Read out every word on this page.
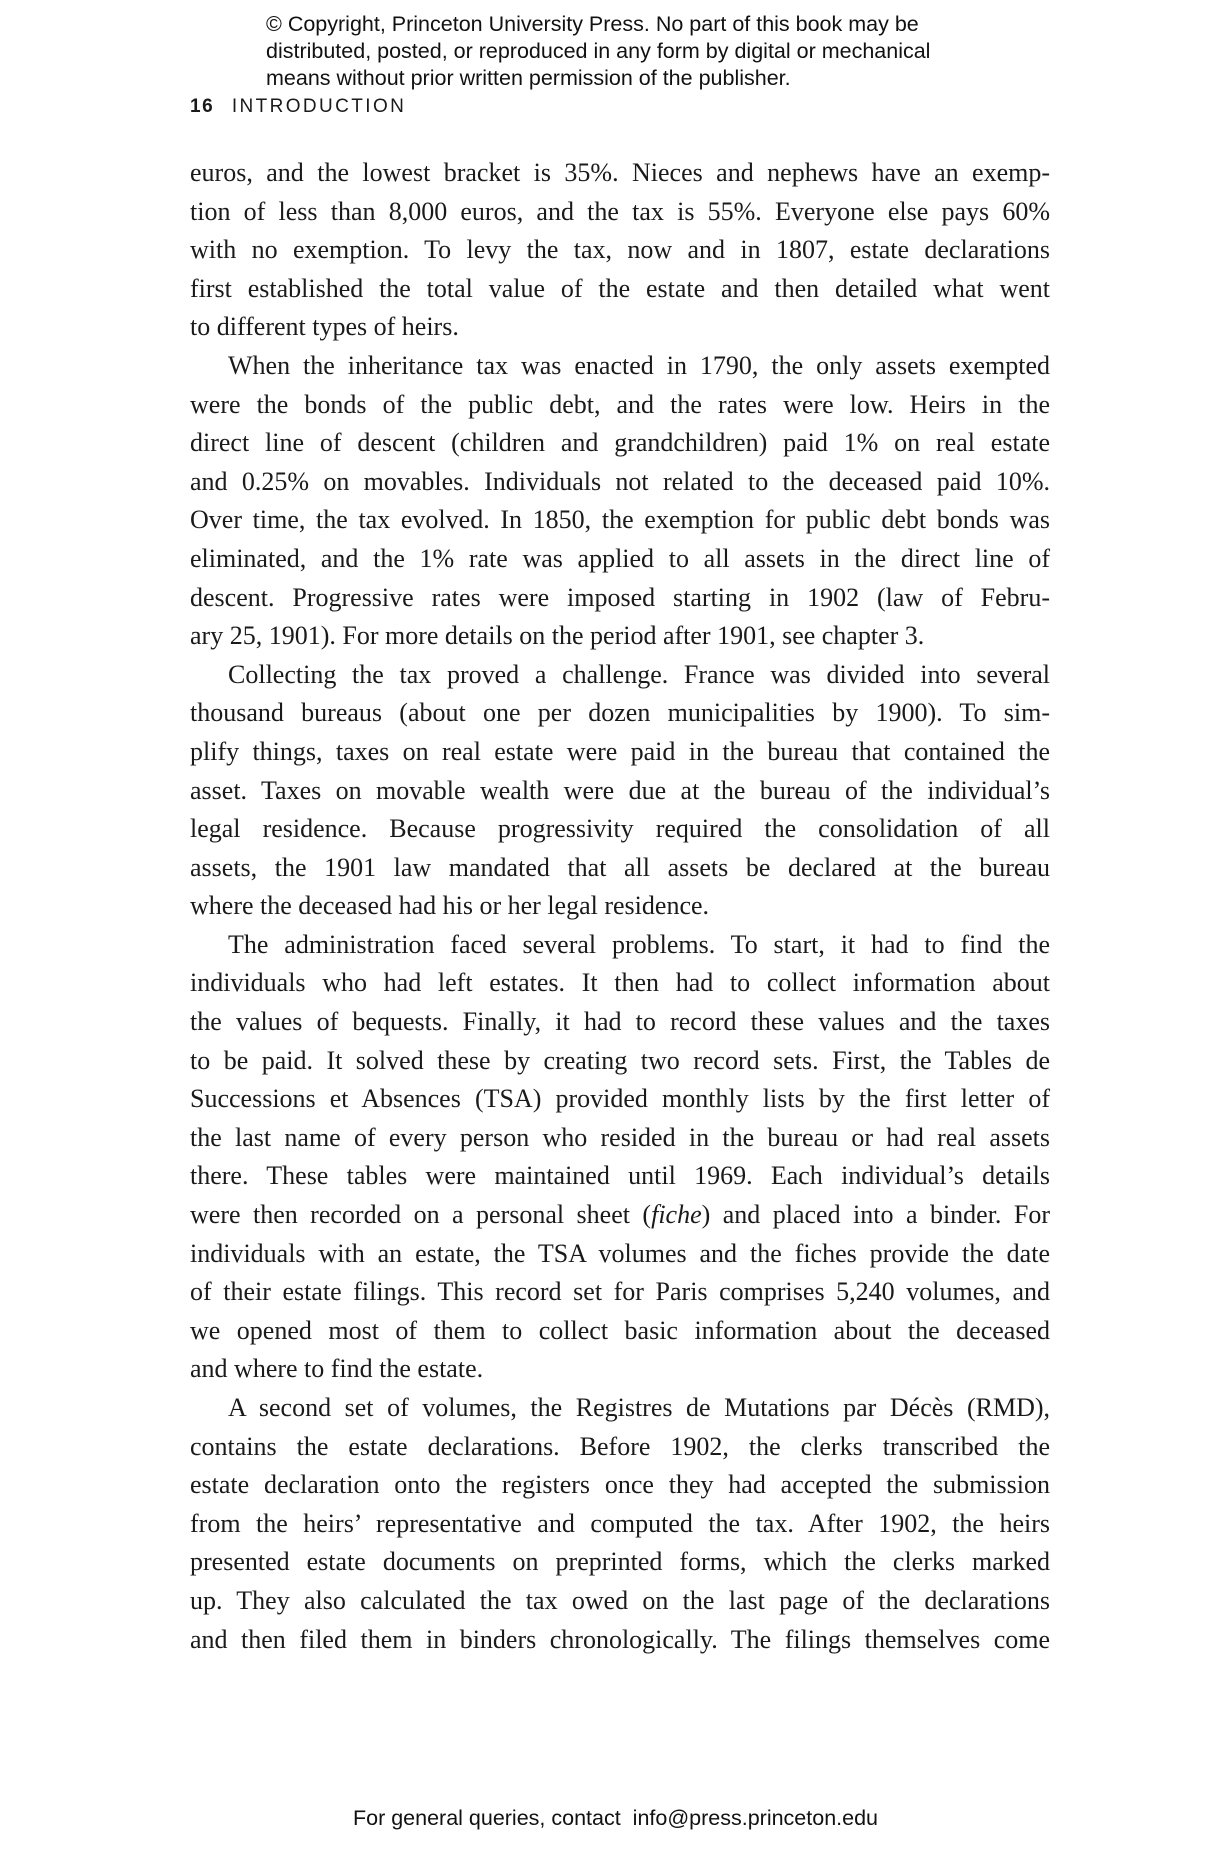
© Copyright, Princeton University Press. No part of this book may be
distributed, posted, or reproduced in any form by digital or mechanical
means without prior written permission of the publisher.
16 INTRODUCTION
euros, and the lowest bracket is 35%. Nieces and nephews have an exemp-
tion of less than 8,000 euros, and the tax is 55%. Everyone else pays 60%
with no exemption. To levy the tax, now and in 1807, estate declarations
first established the total value of the estate and then detailed what went
to different types of heirs.
When the inheritance tax was enacted in 1790, the only assets exempted
were the bonds of the public debt, and the rates were low. Heirs in the
direct line of descent (children and grandchildren) paid 1% on real estate
and 0.25% on movables. Individuals not related to the deceased paid 10%.
Over time, the tax evolved. In 1850, the exemption for public debt bonds was
eliminated, and the 1% rate was applied to all assets in the direct line of
descent. Progressive rates were imposed starting in 1902 (law of Febru-
ary 25, 1901). For more details on the period after 1901, see chapter 3.
Collecting the tax proved a challenge. France was divided into several
thousand bureaus (about one per dozen municipalities by 1900). To sim-
plify things, taxes on real estate were paid in the bureau that contained the
asset. Taxes on movable wealth were due at the bureau of the individual’s
legal residence. Because progressivity required the consolidation of all
assets, the 1901 law mandated that all assets be declared at the bureau
where the deceased had his or her legal residence.
The administration faced several problems. To start, it had to find the
individuals who had left estates. It then had to collect information about
the values of bequests. Finally, it had to record these values and the taxes
to be paid. It solved these by creating two record sets. First, the Tables de
Successions et Absences (TSA) provided monthly lists by the first letter of
the last name of every person who resided in the bureau or had real assets
there. These tables were maintained until 1969. Each individual’s details
were then recorded on a personal sheet (fiche) and placed into a binder. For
individuals with an estate, the TSA volumes and the fiches provide the date
of their estate filings. This record set for Paris comprises 5,240 volumes, and
we opened most of them to collect basic information about the deceased
and where to find the estate.
A second set of volumes, the Registres de Mutations par Décès (RMD),
contains the estate declarations. Before 1902, the clerks transcribed the
estate declaration onto the registers once they had accepted the submission
from the heirs’ representative and computed the tax. After 1902, the heirs
presented estate documents on preprinted forms, which the clerks marked
up. They also calculated the tax owed on the last page of the declarations
and then filed them in binders chronologically. The filings themselves come
For general queries, contact info@press.princeton.edu
